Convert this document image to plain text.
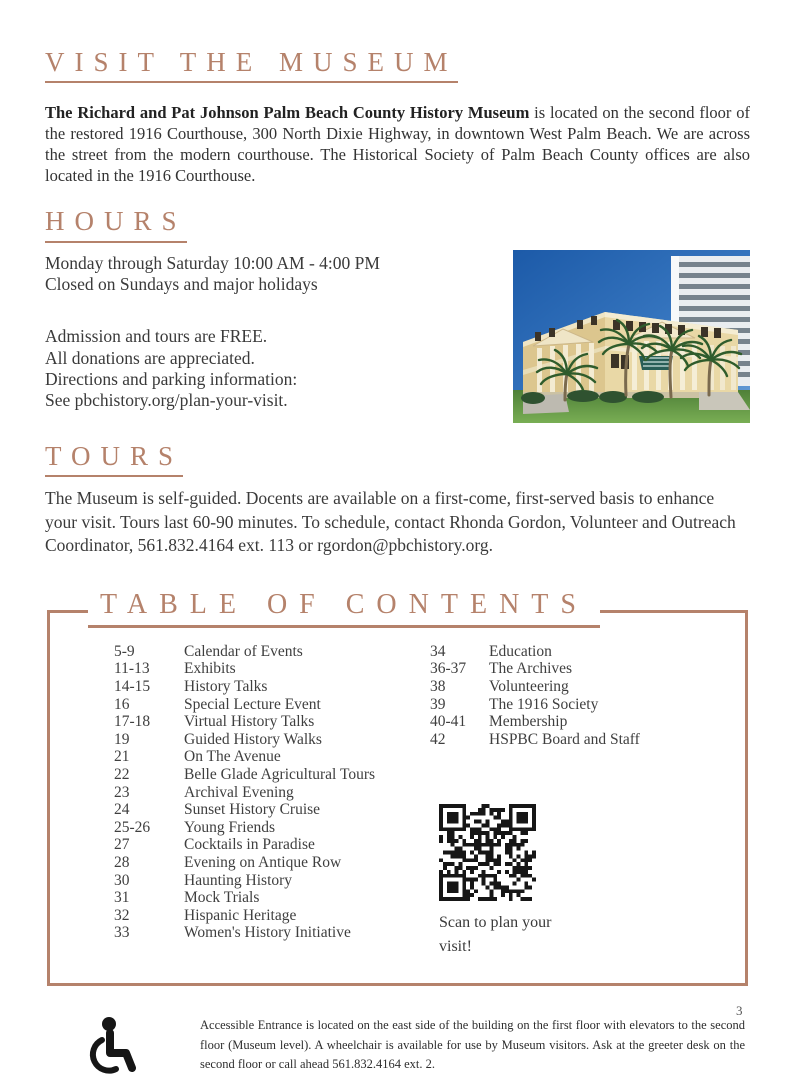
VISIT THE MUSEUM

The Richard and Pat Johnson Palm Beach County History Museum is located on the second floor of the restored 1916 Courthouse, 300 North Dixie Highway, in downtown West Palm Beach. We are across the street from the modern courthouse. The Historical Society of Palm Beach County offices are also located in the 1916 Courthouse.

HOURS
Monday through Saturday 10:00 AM - 4:00 PM
Closed on Sundays and major holidays
Admission and tours are FREE.
All donations are appreciated.
Directions and parking information:
See pbchistory.org/plan-your-visit.
TOURS

The Museum is self-guided. Docents are available on a first-come, first-served basis to enhance your visit. Tours last 60-90 minutes. To schedule, contact Rhonda Gordon, Volunteer and Outreach Coordinator, 561.832.4164 ext. 113 or rgordon@pbchistory.org.

TABLE OF CONTENTS
5-9	Calendar of Events
11-13	Exhibits
14-15	History Talks
16	Special Lecture Event
17-18	Virtual History Talks
19	Guided History Walks
21	On The Avenue
22	Belle Glade Agricultural Tours
23	Archival Evening
24	Sunset History Cruise
25-26	Young Friends
27	Cocktails in Paradise
28	Evening on Antique Row
30	Haunting History
31	Mock Trials
32	Hispanic Heritage
33	Women's History Initiative
34	Education
36-37	The Archives
38	Volunteering
39	The 1916 Society
40-41	Membership
42	HSPBC Board and Staff
Scan to plan your visit!
Accessible Entrance is located on the east side of the building on the first floor with elevators to the second floor (Museum level). A wheelchair is available for use by Museum visitors. Ask at the greeter desk on the second floor or call ahead 561.832.4164 ext. 2.
3
